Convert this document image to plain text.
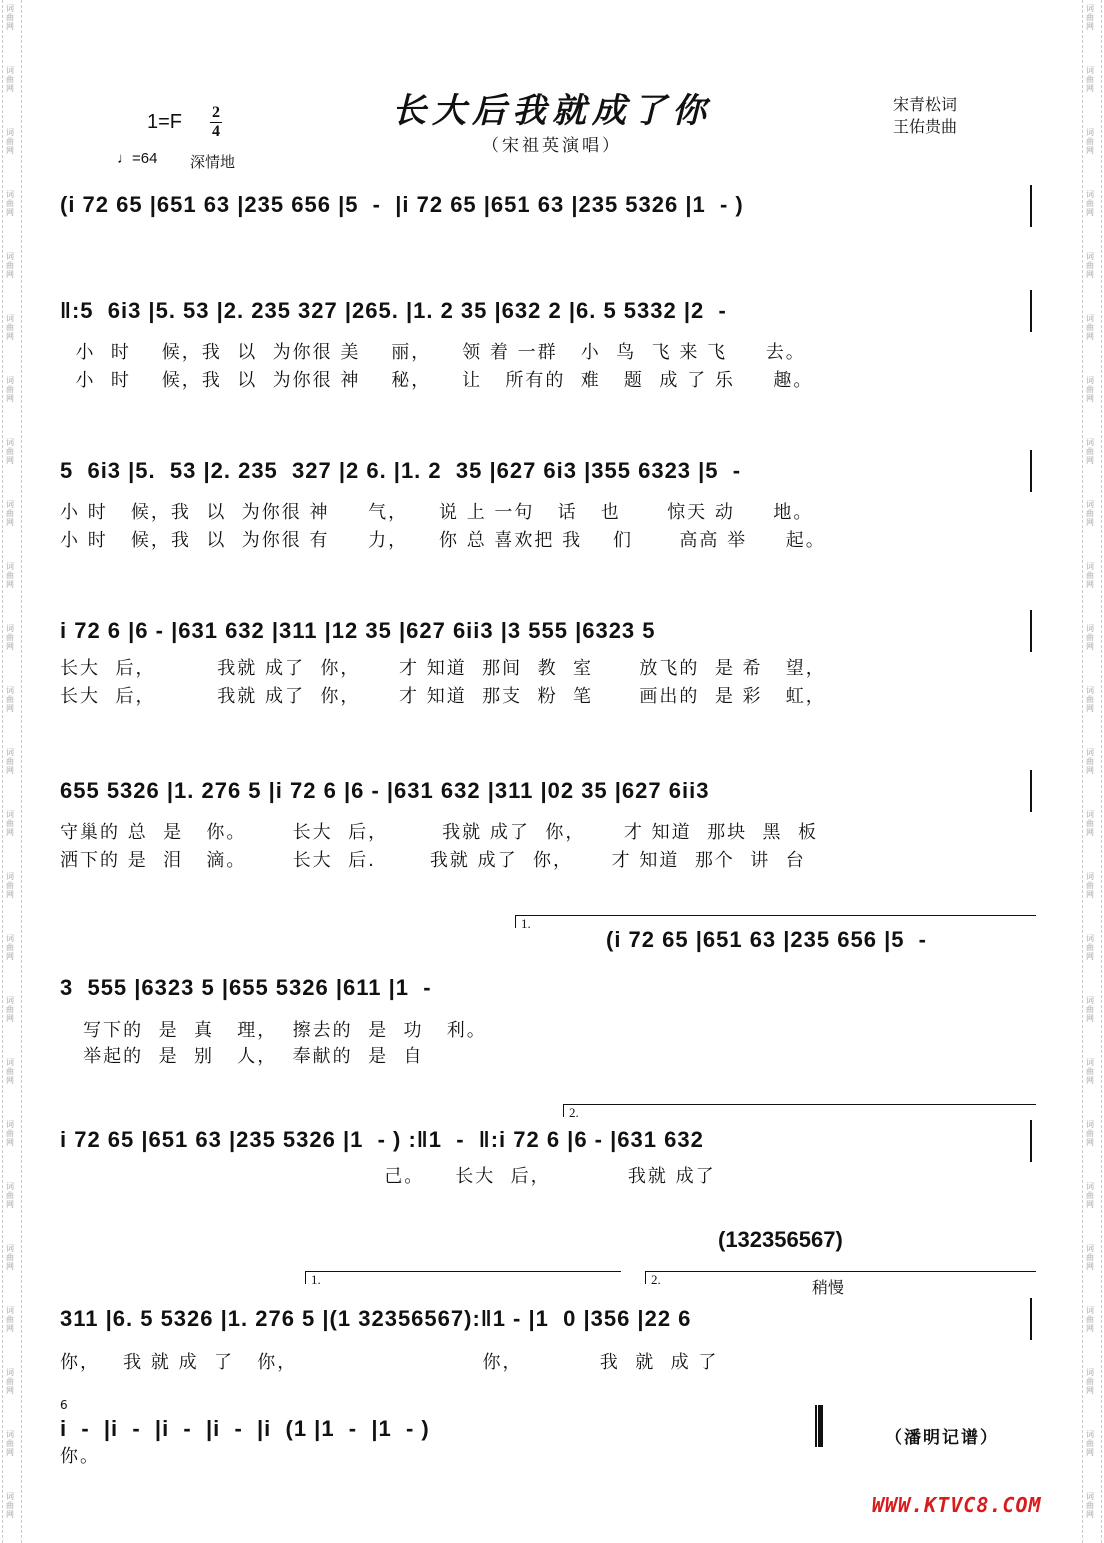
词
曲
网
词
曲
网
词
曲
网
词
曲
网
词
曲
网
词
曲
网
词
曲
网
词
曲
网
词
曲
网
词
曲
网
词
曲
网
词
曲
网
词
曲
网
词
曲
网
词
曲
网
词
曲
网
词
曲
网
词
曲
网
词
曲
网
词
曲
网
词
曲
网
词
曲
网
词
曲
网
词
曲
网
词
曲
网
词
曲
网
词
曲
网
词
曲
网
词
曲
网
词
曲
网
词
曲
网
词
曲
网
词
曲
网
词
曲
网
词
曲
网
词
曲
网
词
曲
网
词
曲
网
词
曲
网
词
曲
网
词
曲
网
词
曲
网
词
曲
网
词
曲
网
词
曲
网
词
曲
网
词
曲
网
词
曲
网
词
曲
网
词
曲
网
长大后我就成了你
（宋祖英演唱）
1=F 2
4
♩=64 深情地
宋青松词
王佑贵曲
(i 72 65 |651 63 |235 656 |5  -  |i 72 65 |651 63 |235 5326 |1  - )
‖:5  6i3 |5. 53 |2. 235 327 |265. |1. 2 35 |632 2 |6. 5 5332 |2  -
小  时    候，我  以  为你很 美    丽，    领 着 一群   小  鸟  飞 来 飞     去。
小  时    候，我  以  为你很 神    秘，    让   所有的  难   题  成 了 乐     趣。
5  6i3 |5.  53 |2. 235  327 |2 6. |1. 2  35 |627 6i3 |355 6323 |5  -
小 时   候，我  以  为你很 神     气，    说 上 一句   话   也      惊天 动     地。
小 时   候，我  以  为你很 有     力，    你 总 喜欢把 我    们      高高 举     起。
i 72 6 |6 - |631 632 |311 |12 35 |627 6ii3 |3 555 |6323 5
长大  后，        我就 成了  你，     才 知道  那间  教  室      放飞的  是 希   望，
长大  后，        我就 成了  你，     才 知道  那支  粉  笔      画出的  是 彩   虹，
655 5326 |1. 276 5 |i 72 6 |6 - |631 632 |311 |02 35 |627 6ii3
守巢的 总  是   你。      长大  后，       我就 成了  你，     才 知道  那块  黑  板
洒下的 是  泪   滴。      长大  后.       我就 成了  你，     才 知道  那个  讲  台
1.
(i 72 65 |651 63 |235 656 |5  -
3  555 |6323 5 |655 5326 |611 |1  -
写下的  是  真   理，  擦去的  是  功   利。
举起的  是  别   人，  奉献的  是  自
2.
i 72 65 |651 63 |235 5326 |1  - ) :‖1  -  ‖:i 72 6 |6 - |631 632
己。    长大  后，          我就 成了
(132356567)
稍慢
1.	2.
311 |6. 5 5326 |1. 276 5 |(1 32356567):‖1 - |1  0 |356 |22 6
你，   我 就 成  了   你，                        你，          我  就  成 了
6
i  -  |i  -  |i  -  |i  -  |i  (1 |1  -  |1  - )
你。
（潘明记谱）
WWW.KTVC8.COM
